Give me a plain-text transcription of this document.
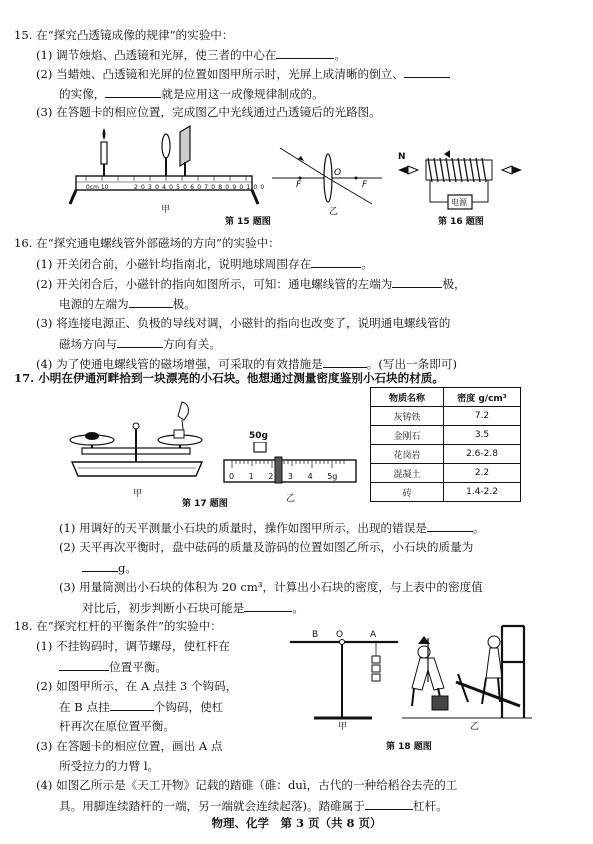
15. 在“探究凸透镜成像的规律”的实验中：
(1) 调节烛焰、凸透镜和光屏，使三者的中心在	。
(2) 当蜡烛、凸透镜和光屏的位置如图甲所示时，光屏上成清晰的倒立、
的实像，	就是应用这一成像规律制成的。
(3) 在答题卡的相应位置，完成图乙中光线通过凸透镜后的光路图。
0cm 10	2030405060708090100
甲
F
O
F
乙
第 15 题图
N
电源
第 16 题图
16. 在“探究通电螺线管外部磁场的方向”的实验中：
(1) 开关闭合前，小磁针均指南北，说明地球周围存在	。
(2) 开关闭合后，小磁针的指向如图所示，可知：通电螺线管的左端为	极，
电源的左端为	极。
(3) 将连接电源正、负极的导线对调，小磁针的指向也改变了，说明通电螺线管的
磁场方向与	方向有关。
(4) 为了使通电螺线管的磁场增强，可采取的有效措施是	。(写出一条即可)
17. 小明在伊通河畔拾到一块漂亮的小石块。他想通过测量密度鉴别小石块的材质。
甲
第 17 题图
50g
0 1 2 3 4 5g
乙
物质名称	密度 g/cm³
灰铸铁	7.2
金刚石	3.5
花岗岩	2.6-2.8
混凝土	2.2
砖	1.4-2.2
(1) 用调好的天平测量小石块的质量时，操作如图甲所示，出现的错误是	。
(2) 天平再次平衡时，盘中砝码的质量及游码的位置如图乙所示，小石块的质量为
g。
(3) 用量筒测出小石块的体积为 20 cm³，计算出小石块的密度，与上表中的密度值
对比后，初步判断小石块可能是	。
18. 在“探究杠杆的平衡条件”的实验中：
(1) 不挂钩码时，调节螺母，使杠杆在
位置平衡。
(2) 如图甲所示，在 A 点挂 3 个钩码，
在 B 点挂	个钩码，使杠
杆再次在原位置平衡。
(3) 在答题卡的相应位置，画出 A 点
所受拉力的力臂 l。
(4) 如图乙所示是《天工开物》记载的踏碓（碓：duì，古代的一种给稻谷去壳的工
具。用脚连续踏杆的一端，另一端就会连续起落)。踏碓属于	杠杆。
B O	A
甲	乙
第 18 题图
物理、化学　第 3 页（共 8 页）
